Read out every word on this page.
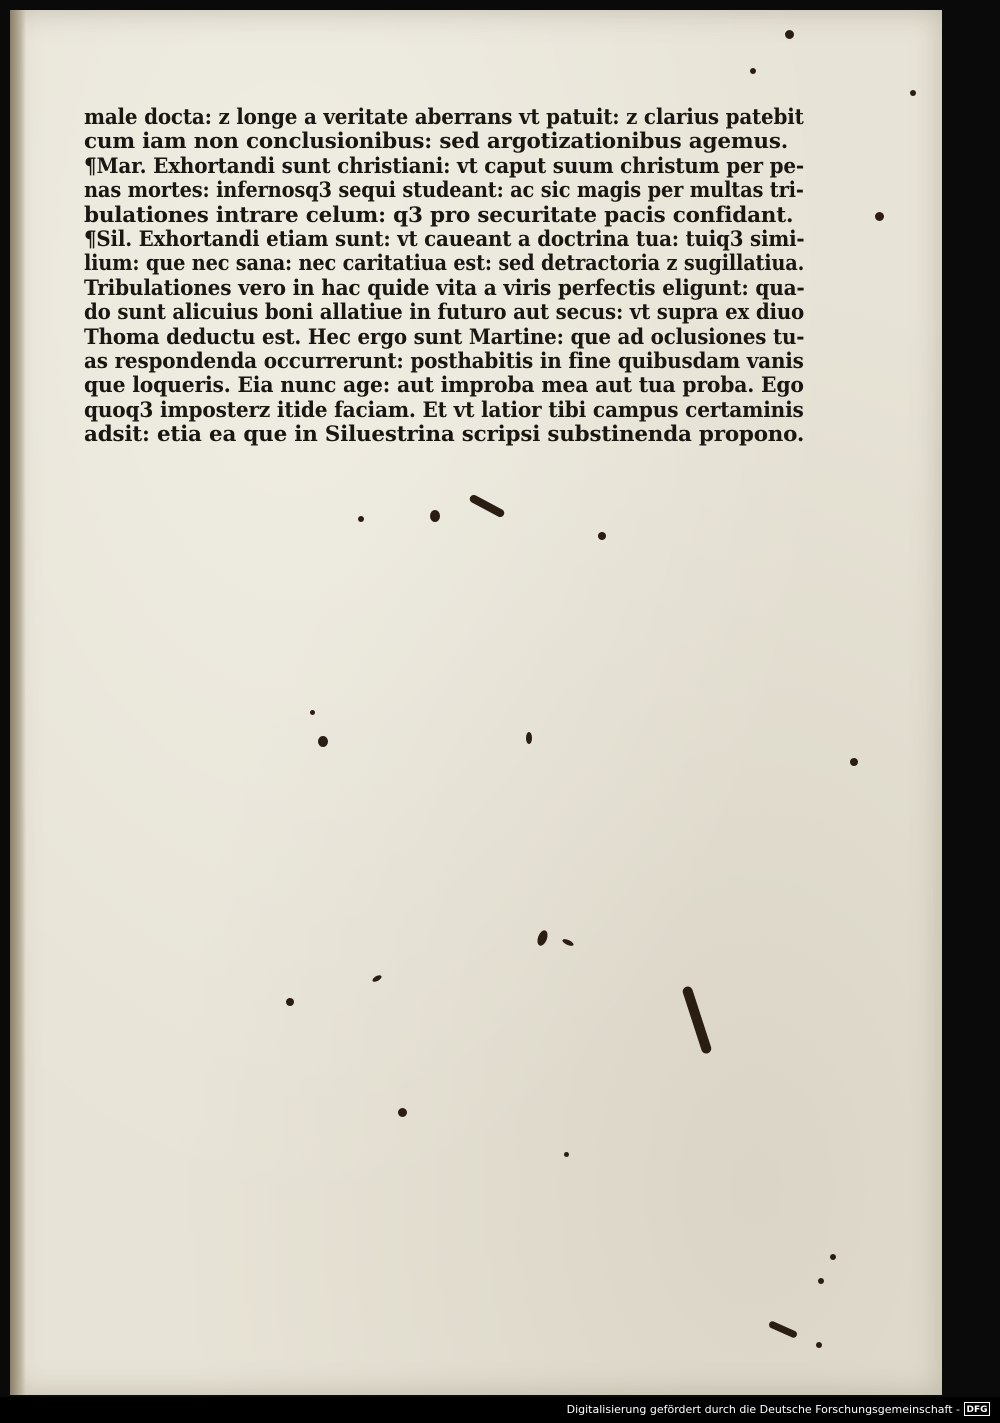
male docta: z longe a veritate aberrans vt patuit: z clarius patebit
cum iam non conclusionibus: sed argotizationibus agemus.
¶Mar. Exhortandi sunt christiani: vt caput suum christum per pe-
nas mortes: infernosq3 sequi studeant: ac sic magis per multas tri-
bulationes intrare celum: q3 pro securitate pacis confidant.
¶Sil. Exhortandi etiam sunt: vt caueant a doctrina tua: tuiq3 simi-
lium: que nec sana: nec caritatiua est: sed detractoria z sugillatiua.
Tribulationes vero in hac quide vita a viris perfectis eligunt: qua-
do sunt alicuius boni allatiue in futuro aut secus: vt supra ex diuo
Thoma deductu est. Hec ergo sunt Martine: que ad oclusiones tu-
as respondenda occurrerunt: posthabitis in fine quibusdam vanis
que loqueris. Eia nunc age: aut improba mea aut tua proba. Ego
quoq3 imposterz itide faciam. Et vt latior tibi campus certaminis
adsit: etia ea que in Siluestrina scripsi substinenda propono.
Digitalisierung gefördert durch die Deutsche Forschungsgemeinschaft - DFG
